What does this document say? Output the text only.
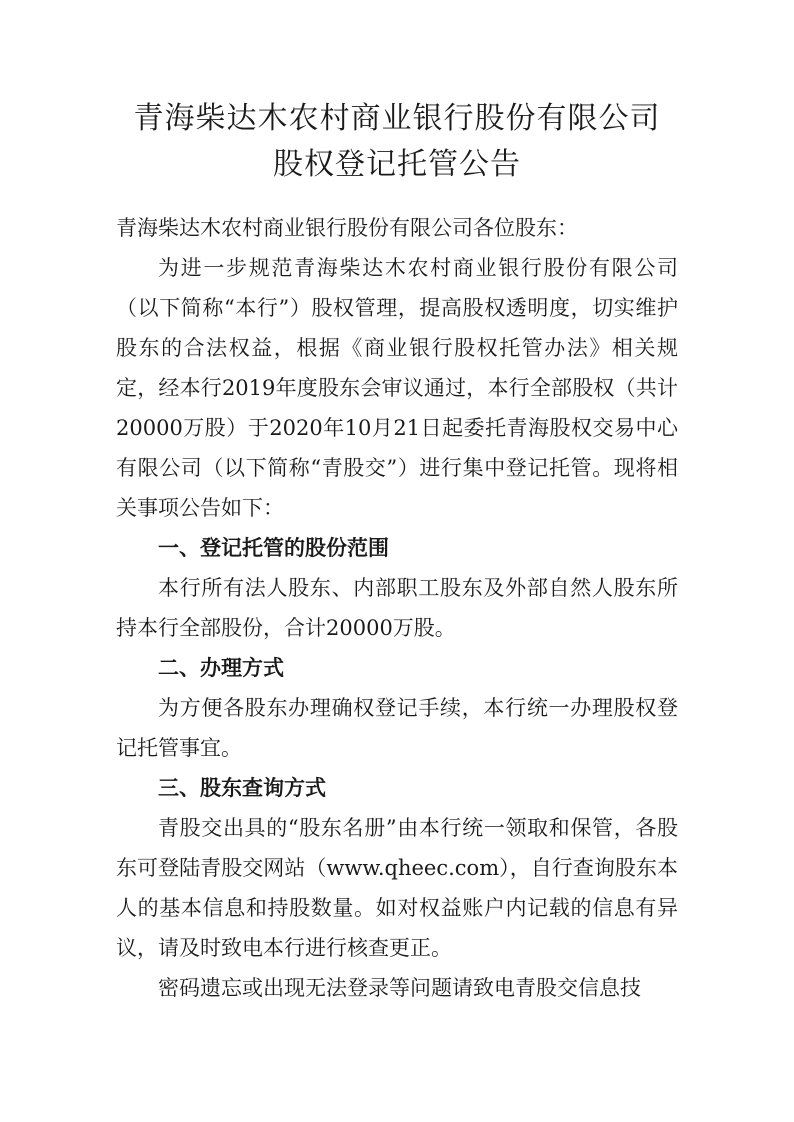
青海柴达木农村商业银行股份有限公司
股权登记托管公告

青海柴达木农村商业银行股份有限公司各位股东：

为进一步规范青海柴达木农村商业银行股份有限公司（以下简称“本行”）股权管理，提高股权透明度，切实维护股东的合法权益，根据《商业银行股权托管办法》相关规定，经本行2019年度股东会审议通过，本行全部股权（共计20000万股）于2020年10月21日起委托青海股权交易中心有限公司（以下简称“青股交”）进行集中登记托管。现将相关事项公告如下：

一、登记托管的股份范围

本行所有法人股东、内部职工股东及外部自然人股东所持本行全部股份，合计20000万股。

二、办理方式

为方便各股东办理确权登记手续，本行统一办理股权登记托管事宜。

三、股东查询方式

青股交出具的“股东名册”由本行统一领取和保管，各股东可登陆青股交网站（www.qheec.com），自行查询股东本人的基本信息和持股数量。如对权益账户内记载的信息有异议，请及时致电本行进行核查更正。

密码遗忘或出现无法登录等问题请致电青股交信息技
